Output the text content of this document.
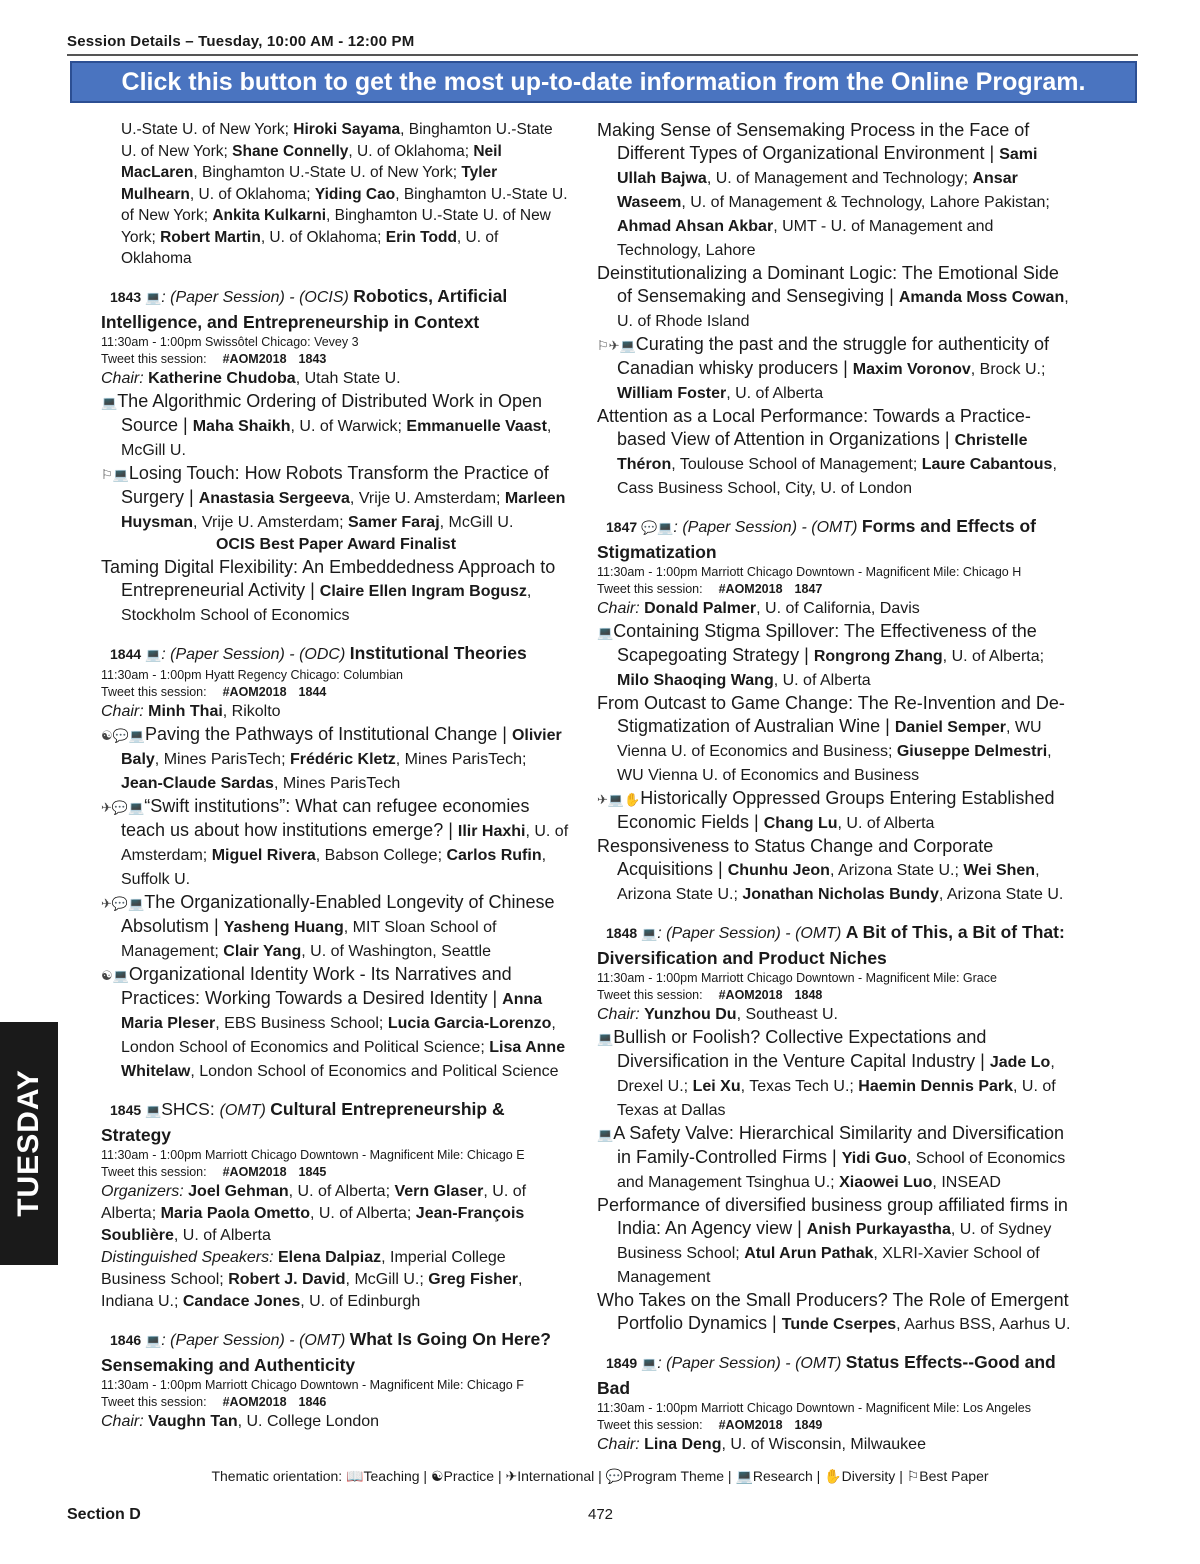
Session Details – Tuesday, 10:00 AM - 12:00 PM
Click this button to get the most up-to-date information from the Online Program.
U.-State U. of New York; Hiroki Sayama, Binghamton U.-State U. of New York; Shane Connelly, U. of Oklahoma; Neil MacLaren, Binghamton U.-State U. of New York; Tyler Mulhearn, U. of Oklahoma; Yiding Cao, Binghamton U.-State U. of New York; Ankita Kulkarni, Binghamton U.-State U. of New York; Robert Martin, U. of Oklahoma; Erin Todd, U. of Oklahoma
1843 💻: (Paper Session) - (OCIS) Robotics, Artificial Intelligence, and Entrepreneurship in Context
11:30am - 1:00pm Swissôtel Chicago: Vevey 3
Tweet this session: #AOM2018 1843
Chair: Katherine Chudoba, Utah State U.
💻The Algorithmic Ordering of Distributed Work in Open Source | Maha Shaikh, U. of Warwick; Emmanuelle Vaast, McGill U.
⚐💻Losing Touch: How Robots Transform the Practice of Surgery | Anastasia Sergeeva, Vrije U. Amsterdam; Marleen Huysman, Vrije U. Amsterdam; Samer Faraj, McGill U.
OCIS Best Paper Award Finalist
Taming Digital Flexibility: An Embeddedness Approach to Entrepreneurial Activity | Claire Ellen Ingram Bogusz, Stockholm School of Economics
1844 💻: (Paper Session) - (ODC) Institutional Theories
11:30am - 1:00pm Hyatt Regency Chicago: Columbian
Tweet this session: #AOM2018 1844
Chair: Minh Thai, Rikolto
☯💬💻Paving the Pathways of Institutional Change | Olivier Baly, Mines ParisTech; Frédéric Kletz, Mines ParisTech; Jean-Claude Sardas, Mines ParisTech
✈💬💻“Swift institutions”: What can refugee economies teach us about how institutions emerge? | Ilir Haxhi, U. of Amsterdam; Miguel Rivera, Babson College; Carlos Rufin, Suffolk U.
✈💬💻The Organizationally-Enabled Longevity of Chinese Absolutism | Yasheng Huang, MIT Sloan School of Management; Clair Yang, U. of Washington, Seattle
☯💻Organizational Identity Work - Its Narratives and Practices: Working Towards a Desired Identity | Anna Maria Pleser, EBS Business School; Lucia Garcia-Lorenzo, London School of Economics and Political Science; Lisa Anne Whitelaw, London School of Economics and Political Science
1845 💻SHCS: (OMT) Cultural Entrepreneurship & Strategy
11:30am - 1:00pm Marriott Chicago Downtown - Magnificent Mile: Chicago E
Tweet this session: #AOM2018 1845
Organizers: Joel Gehman, U. of Alberta; Vern Glaser, U. of Alberta; Maria Paola Ometto, U. of Alberta; Jean-François Soublière, U. of Alberta
Distinguished Speakers: Elena Dalpiaz, Imperial College Business School; Robert J. David, McGill U.; Greg Fisher, Indiana U.; Candace Jones, U. of Edinburgh
1846 💻: (Paper Session) - (OMT) What Is Going On Here? Sensemaking and Authenticity
11:30am - 1:00pm Marriott Chicago Downtown - Magnificent Mile: Chicago F
Tweet this session: #AOM2018 1846
Chair: Vaughn Tan, U. College London
Making Sense of Sensemaking Process in the Face of Different Types of Organizational Environment | Sami Ullah Bajwa, U. of Management and Technology; Ansar Waseem, U. of Management & Technology, Lahore Pakistan; Ahmad Ahsan Akbar, UMT - U. of Management and Technology, Lahore
Deinstitutionalizing a Dominant Logic: The Emotional Side of Sensemaking and Sensegiving | Amanda Moss Cowan, U. of Rhode Island
⚐✈💻Curating the past and the struggle for authenticity of Canadian whisky producers | Maxim Voronov, Brock U.; William Foster, U. of Alberta
Attention as a Local Performance: Towards a Practice-based View of Attention in Organizations | Christelle Théron, Toulouse School of Management; Laure Cabantous, Cass Business School, City, U. of London
1847 💬💻: (Paper Session) - (OMT) Forms and Effects of Stigmatization
11:30am - 1:00pm Marriott Chicago Downtown - Magnificent Mile: Chicago H
Tweet this session: #AOM2018 1847
Chair: Donald Palmer, U. of California, Davis
💻Containing Stigma Spillover: The Effectiveness of the Scapegoating Strategy | Rongrong Zhang, U. of Alberta; Milo Shaoqing Wang, U. of Alberta
From Outcast to Game Change: The Re-Invention and De-Stigmatization of Australian Wine | Daniel Semper, WU Vienna U. of Economics and Business; Giuseppe Delmestri, WU Vienna U. of Economics and Business
✈💻✋Historically Oppressed Groups Entering Established Economic Fields | Chang Lu, U. of Alberta
Responsiveness to Status Change and Corporate Acquisitions | Chunhu Jeon, Arizona State U.; Wei Shen, Arizona State U.; Jonathan Nicholas Bundy, Arizona State U.
1848 💻: (Paper Session) - (OMT) A Bit of This, a Bit of That: Diversification and Product Niches
11:30am - 1:00pm Marriott Chicago Downtown - Magnificent Mile: Grace
Tweet this session: #AOM2018 1848
Chair: Yunzhou Du, Southeast U.
💻Bullish or Foolish? Collective Expectations and Diversification in the Venture Capital Industry | Jade Lo, Drexel U.; Lei Xu, Texas Tech U.; Haemin Dennis Park, U. of Texas at Dallas
💻A Safety Valve: Hierarchical Similarity and Diversification in Family-Controlled Firms | Yidi Guo, School of Economics and Management Tsinghua U.; Xiaowei Luo, INSEAD
Performance of diversified business group affiliated firms in India: An Agency view | Anish Purkayastha, U. of Sydney Business School; Atul Arun Pathak, XLRI-Xavier School of Management
Who Takes on the Small Producers? The Role of Emergent Portfolio Dynamics | Tunde Cserpes, Aarhus BSS, Aarhus U.
1849 💻: (Paper Session) - (OMT) Status Effects--Good and Bad
11:30am - 1:00pm Marriott Chicago Downtown - Magnificent Mile: Los Angeles
Tweet this session: #AOM2018 1849
Chair: Lina Deng, U. of Wisconsin, Milwaukee
TUESDAY
Thematic orientation: 📖Teaching | ☯Practice | ✈International | 💬Program Theme | 💻Research | ✋Diversity | ⚐Best Paper
Section D	472
